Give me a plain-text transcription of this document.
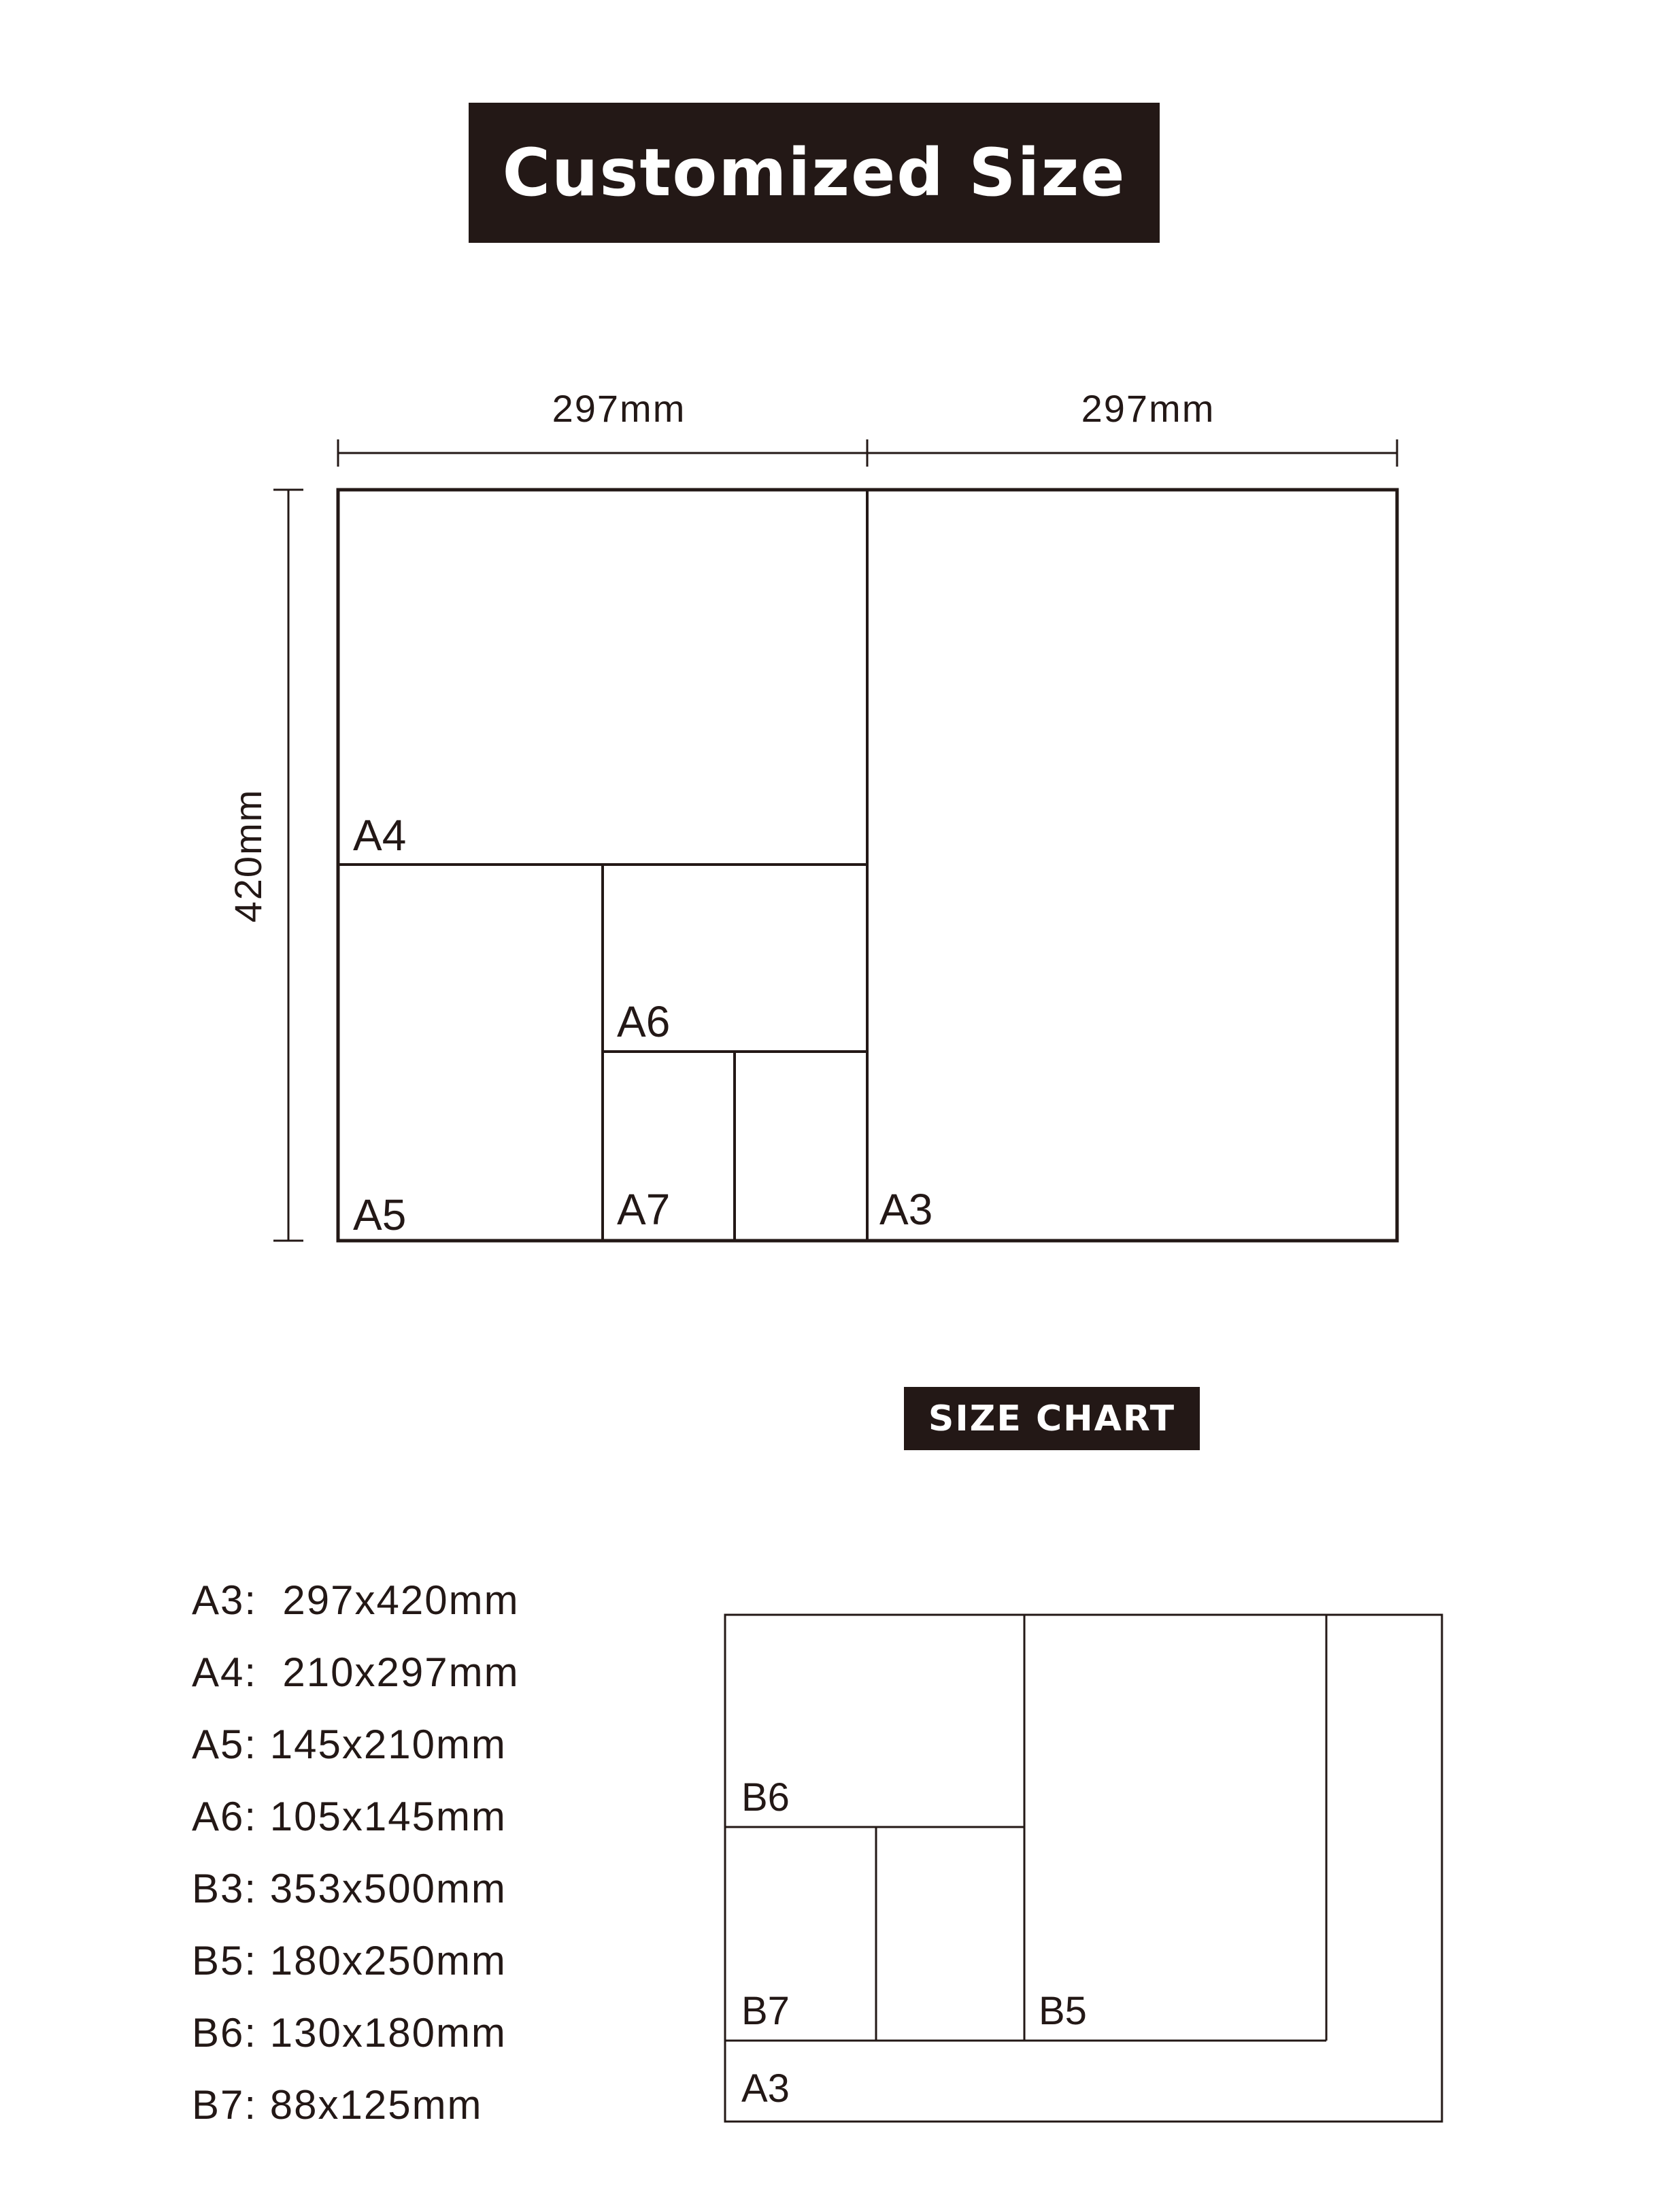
Customized Size
297mm	297mm
420mm A4
A6
A5	A7	A3
B6
B7	B5
A3
SIZE CHART
A3:  297x420mm
A4:  210x297mm
A5: 145x210mm
A6: 105x145mm
B3: 353x500mm
B5: 180x250mm
B6: 130x180mm
B7: 88x125mm
